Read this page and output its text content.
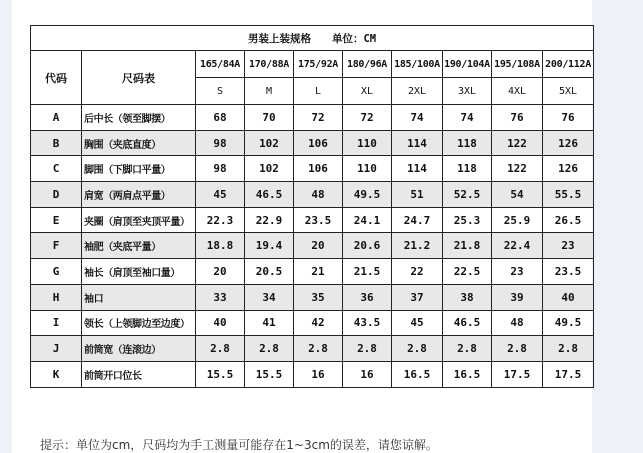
男装上装规格　　单位：CM									
代码	尺码表	165/84A	170/88A	175/92A	180/96A	185/100A	190/104A	195/108A	200/112A
		S	M	L	XL	2XL	3XL	4XL	5XL
A	后中长（领至脚摆）	68	70	72	72	74	74	76	76
B	胸围（夹底直度）	98	102	106	110	114	118	122	126
C	脚围（下脚口平量）	98	102	106	110	114	118	122	126
D	肩宽（两肩点平量）	45	46.5	48	49.5	51	52.5	54	55.5
E	夹圈（肩顶至夹顶平量）	22.3	22.9	23.5	24.1	24.7	25.3	25.9	26.5
F	袖肥（夹底平量）	18.8	19.4	20	20.6	21.2	21.8	22.4	23
G	袖长（肩顶至袖口量）	20	20.5	21	21.5	22	22.5	23	23.5
H	袖口	33	34	35	36	37	38	39	40
I	领长（上领脚边至边度）	40	41	42	43.5	45	46.5	48	49.5
J	前筒宽（连滚边）	2.8	2.8	2.8	2.8	2.8	2.8	2.8	2.8
K	前筒开口位长	15.5	15.5	16	16	16.5	16.5	17.5	17.5
提示：单位为cm，尺码均为手工测量可能存在1~3cm的误差，请您谅解。
